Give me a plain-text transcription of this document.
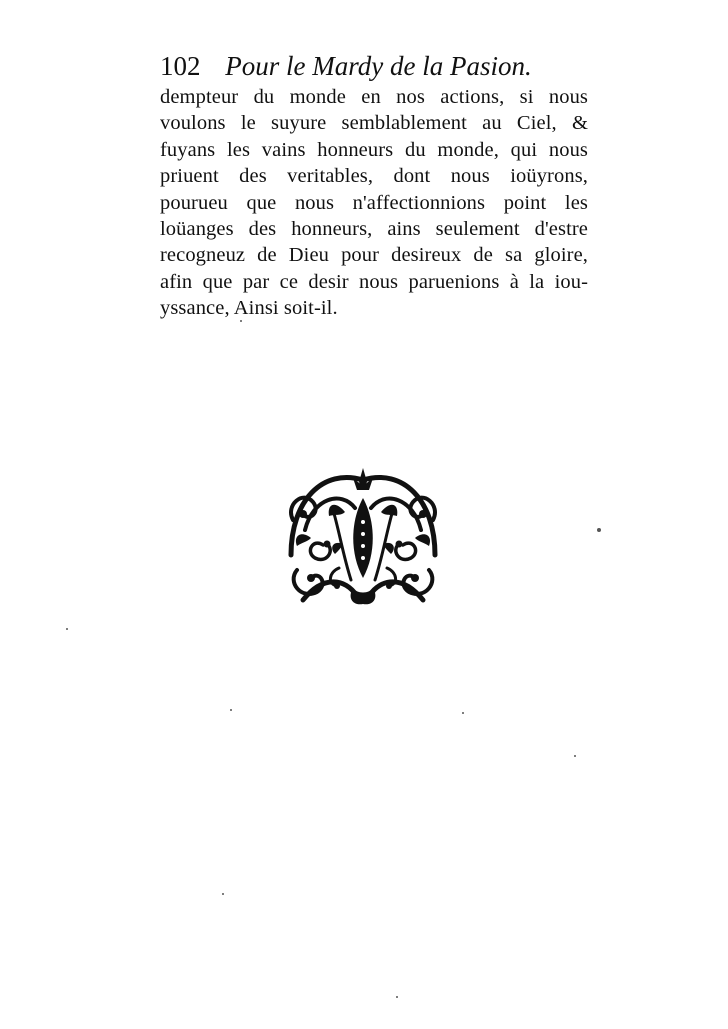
102 Pour le Mardy de la Pasion.
dempteur du monde en nos actions, si nous
voulons le suyure semblablement au Ciel, &
fuyans les vains honneurs du monde, qui nous
priuent des veritables, dont nous ioüyrons,
pourueu que nous n'affectionnions point les
loüanges des honneurs, ains seulement d'estre
recogneuz de Dieu pour desireux de sa gloire,
afin que par ce desir nous paruenions à la iou-
yssance, Ainsi soit-il.
